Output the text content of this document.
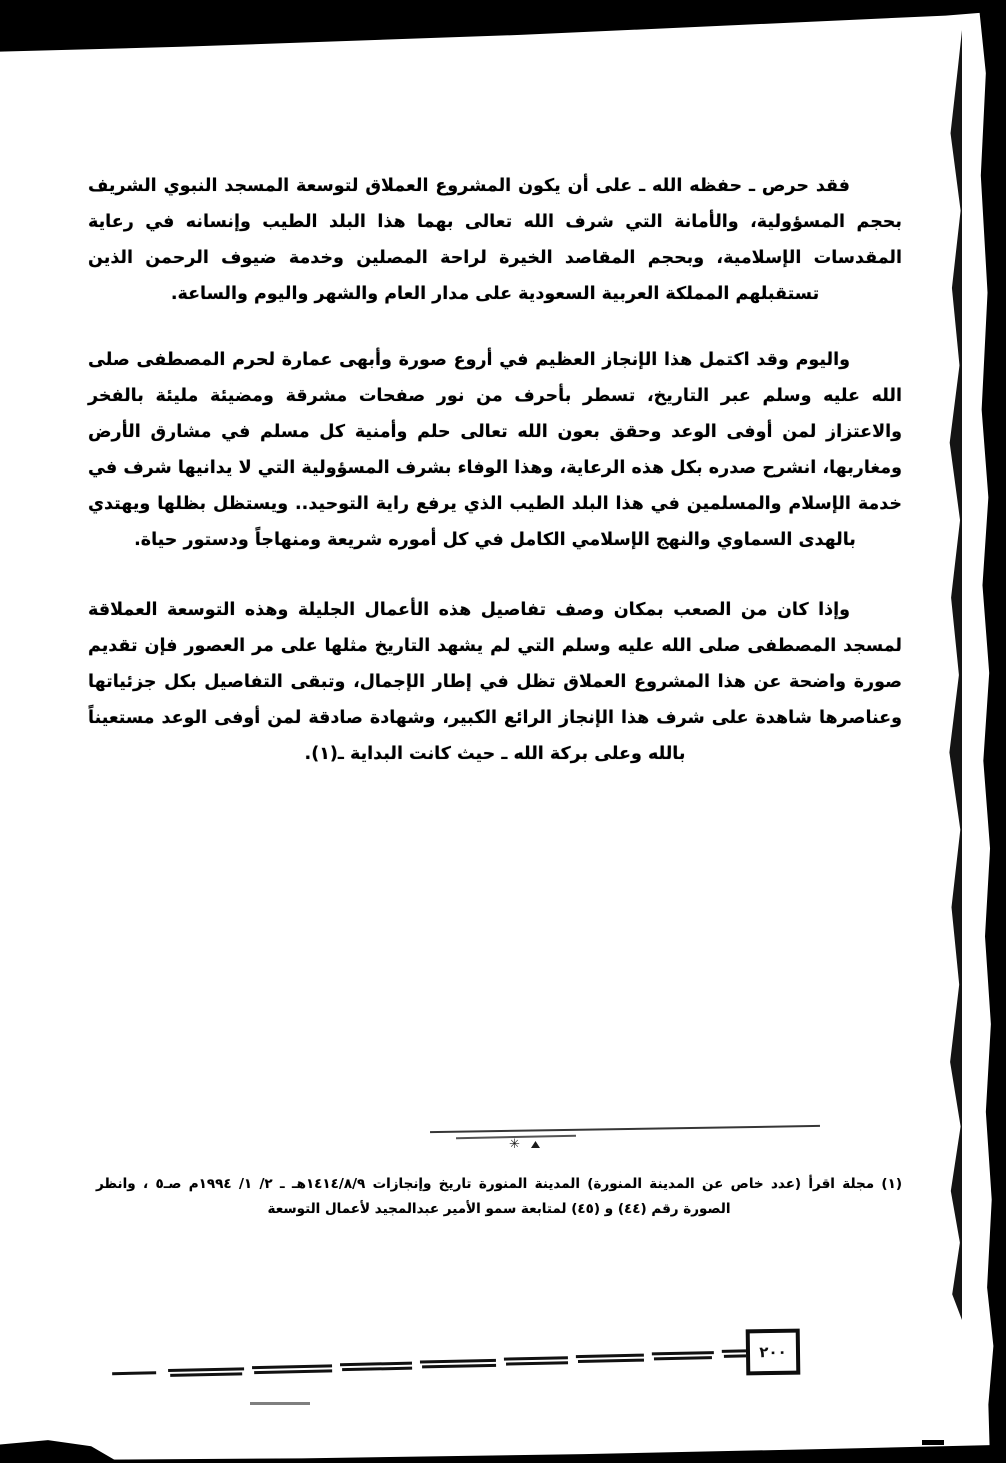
فقد حرص ـ حفظه الله ـ على أن يكون المشروع العملاق لتوسعة المسجد النبوي الشريف بحجم المسؤولية، والأمانة التي شرف الله تعالى بهما هذا البلد الطيب وإنسانه في رعاية المقدسات الإسلامية، وبحجم المقاصد الخيرة لراحة المصلين وخدمة ضيوف الرحمن الذين تستقبلهم المملكة العربية السعودية على مدار العام والشهر واليوم والساعة.

واليوم وقد اكتمل هذا الإنجاز العظيم في أروع صورة وأبهى عمارة لحرم المصطفى صلى الله عليه وسلم عبر التاريخ، تسطر بأحرف من نور صفحات مشرقة ومضيئة مليئة بالفخر والاعتزاز لمن أوفى الوعد وحقق بعون الله تعالى حلم وأمنية كل مسلم في مشارق الأرض ومغاربها، انشرح صدره بكل هذه الرعاية، وهذا الوفاء بشرف المسؤولية التي لا يدانيها شرف في خدمة الإسلام والمسلمين في هذا البلد الطيب الذي يرفع راية التوحيد.. ويستظل بظلها ويهتدي بالهدى السماوي والنهج الإسلامي الكامل في كل أموره شريعة ومنهاجاً ودستور حياة.

وإذا كان من الصعب بمكان وصف تفاصيل هذه الأعمال الجليلة وهذه التوسعة العملاقة لمسجد المصطفى صلى الله عليه وسلم التي لم يشهد التاريخ مثلها على مر العصور فإن تقديم صورة واضحة عن هذا المشروع العملاق تظل في إطار الإجمال، وتبقى التفاصيل بكل جزئياتها وعناصرها شاهدة على شرف هذا الإنجاز الرائع الكبير، وشهادة صادقة لمن أوفى الوعد مستعيناً بالله وعلى بركة الله ـ حيث كانت البداية ـ(١).

✳
(١) مجلة اقرأ (عدد خاص عن المدينة المنورة) المدينة المنورة تاريخ وإنجازات ١٤١٤/٨/٩هـ ـ ٢/ ١/ ١٩٩٤م صـ٥ ، وانظر الصورة رقم (٤٤) و (٤٥) لمتابعة سمو الأمير عبدالمجيد لأعمال التوسعة
٢٠٠
